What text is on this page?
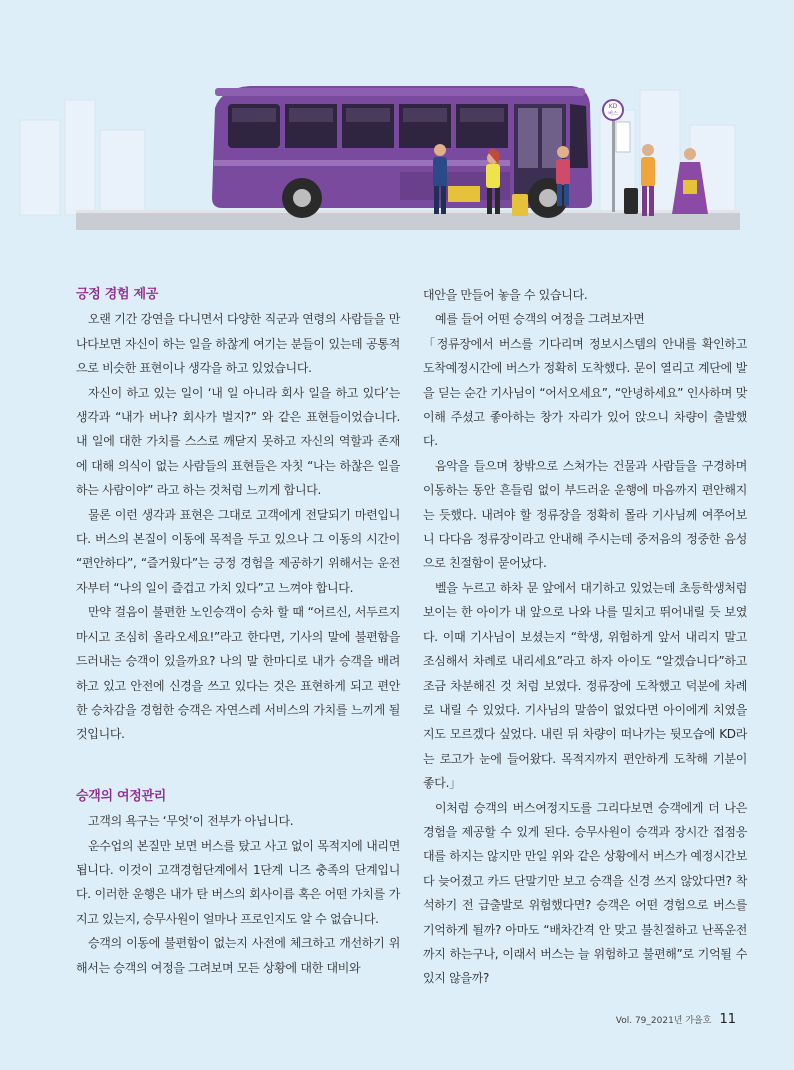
KD
버스
긍정 경험 제공

오랜 기간 강연을 다니면서 다양한 직군과 연령의 사람들을 만나다보면 자신이 하는 일을 하찮게 여기는 분들이 있는데 공통적으로 비슷한 표현이나 생각을 하고 있었습니다.

자신이 하고 있는 일이 ‘내 일 아니라 회사 일을 하고 있다’는 생각과 “내가 버나? 회사가 벌지?” 와 같은 표현들이었습니다. 내 일에 대한 가치를 스스로 깨닫지 못하고 자신의 역할과 존재에 대해 의식이 없는 사람들의 표현들은 자칫 “나는 하찮은 일을 하는 사람이야” 라고 하는 것처럼 느끼게 합니다.

물론 이런 생각과 표현은 그대로 고객에게 전달되기 마련입니다. 버스의 본질이 이동에 목적을 두고 있으나 그 이동의 시간이 “편안하다”, “즐거웠다”는 긍정 경험을 제공하기 위해서는 운전자부터 “나의 일이 즐겁고 가치 있다”고 느껴야 합니다.

만약 걸음이 불편한 노인승객이 승차 할 때 “어르신, 서두르지 마시고 조심히 올라오세요!”라고 한다면, 기사의 말에 불편함을 드러내는 승객이 있을까요? 나의 말 한마디로 내가 승객을 배려하고 있고 안전에 신경을 쓰고 있다는 것은 표현하게 되고 편안한 승차감을 경험한 승객은 자연스레 서비스의 가치를 느끼게 될 것입니다.

승객의 여정관리

고객의 욕구는 ‘무엇’이 전부가 아닙니다.

운수업의 본질만 보면 버스를 탔고 사고 없이 목적지에 내리면 됩니다. 이것이 고객경험단계에서 1단계 니즈 충족의 단계입니다. 이러한 운행은 내가 탄 버스의 회사이름 혹은 어떤 가치를 가지고 있는지, 승무사원이 얼마나 프로인지도 알 수 없습니다.

승객의 이동에 불편함이 없는지 사전에 체크하고 개선하기 위해서는 승객의 여정을 그려보며 모든 상황에 대한 대비와

대안을 만들어 놓을 수 있습니다.

예를 들어 어떤 승객의 여정을 그려보자면

「정류장에서 버스를 기다리며 정보시스템의 안내를 확인하고 도착예정시간에 버스가 정확히 도착했다. 문이 열리고 계단에 발을 딛는 순간 기사님이 “어서오세요”, “안녕하세요” 인사하며 맞이해 주셨고 좋아하는 창가 자리가 있어 앉으니 차량이 출발했다.

음악을 들으며 창밖으로 스쳐가는 건물과 사람들을 구경하며 이동하는 동안 흔들림 없이 부드러운 운행에 마음까지 편안해지는 듯했다. 내려야 할 정류장을 정확히 몰라 기사님께 여쭈어보니 다다음 정류장이라고 안내해 주시는데 중저음의 정중한 음성으로 친절함이 묻어났다.

벨을 누르고 하차 문 앞에서 대기하고 있었는데 초등학생처럼 보이는 한 아이가 내 앞으로 나와 나를 밀치고 뛰어내릴 듯 보였다. 이때 기사님이 보셨는지 “학생, 위험하게 앞서 내리지 말고 조심해서 차례로 내리세요”라고 하자 아이도 “알겠습니다”하고 조금 차분해진 것 처럼 보였다. 정류장에 도착했고 덕분에 차례로 내릴 수 있었다. 기사님의 말씀이 없었다면 아이에게 치였을지도 모르겠다 싶었다. 내린 뒤 차량이 떠나가는 뒷모습에 KD라는 로고가 눈에 들어왔다. 목적지까지 편안하게 도착해 기분이 좋다.」

이처럼 승객의 버스여정지도를 그리다보면 승객에게 더 나은 경험을 제공할 수 있게 된다. 승무사원이 승객과 장시간 접점응대를 하지는 않지만 만일 위와 같은 상황에서 버스가 예정시간보다 늦어졌고 카드 단말기만 보고 승객을 신경 쓰지 않았다면? 착석하기 전 급출발로 위험했다면? 승객은 어떤 경험으로 버스를 기억하게 될까? 아마도 “배차간격 안 맞고 불친절하고 난폭운전까지 하는구나, 이래서 버스는 늘 위험하고 불편해”로 기억될 수 있지 않을까?

Vol. 79_2021년 가을호 11
